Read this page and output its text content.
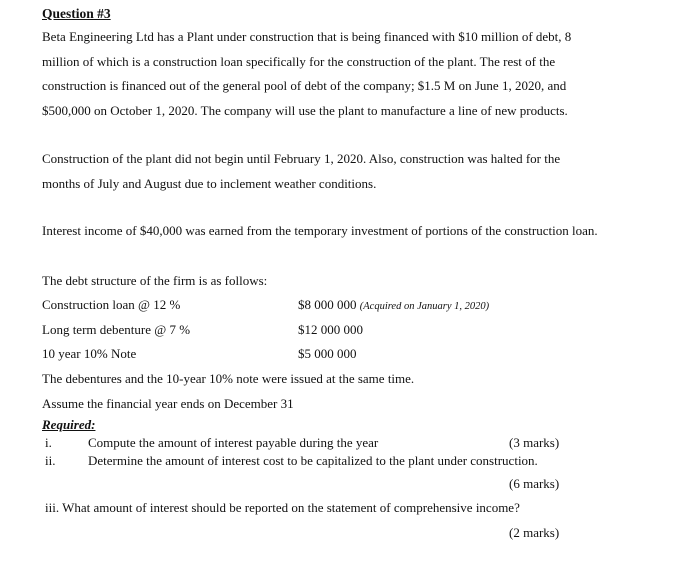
Question #3
Beta Engineering Ltd has a Plant under construction that is being financed with $10 million of debt, 8
million of which is a construction loan specifically for the construction of the plant. The rest of the
construction is financed out of the general pool of debt of the company; $1.5 M on June 1, 2020, and
$500,000 on October 1, 2020. The company will use the plant to manufacture a line of new products.
Construction of the plant did not begin until February 1, 2020. Also, construction was halted for the
months of July and August due to inclement weather conditions.
Interest income of $40,000 was earned from the temporary investment of portions of the construction loan.
The debt structure of the firm is as follows:
Construction loan @ 12 %	$8 000 000 (Acquired on January 1, 2020)
Long term debenture @ 7 %	$12 000 000
10 year 10% Note	$5 000 000
The debentures and the 10-year 10% note were issued at the same time.
Assume the financial year ends on December 31
Required:
i.	Compute the amount of interest payable during the year	(3 marks)
ii.	Determine the amount of interest cost to be capitalized to the plant under construction.
(6 marks)
iii. What amount of interest should be reported on the statement of comprehensive income?
(2 marks)
